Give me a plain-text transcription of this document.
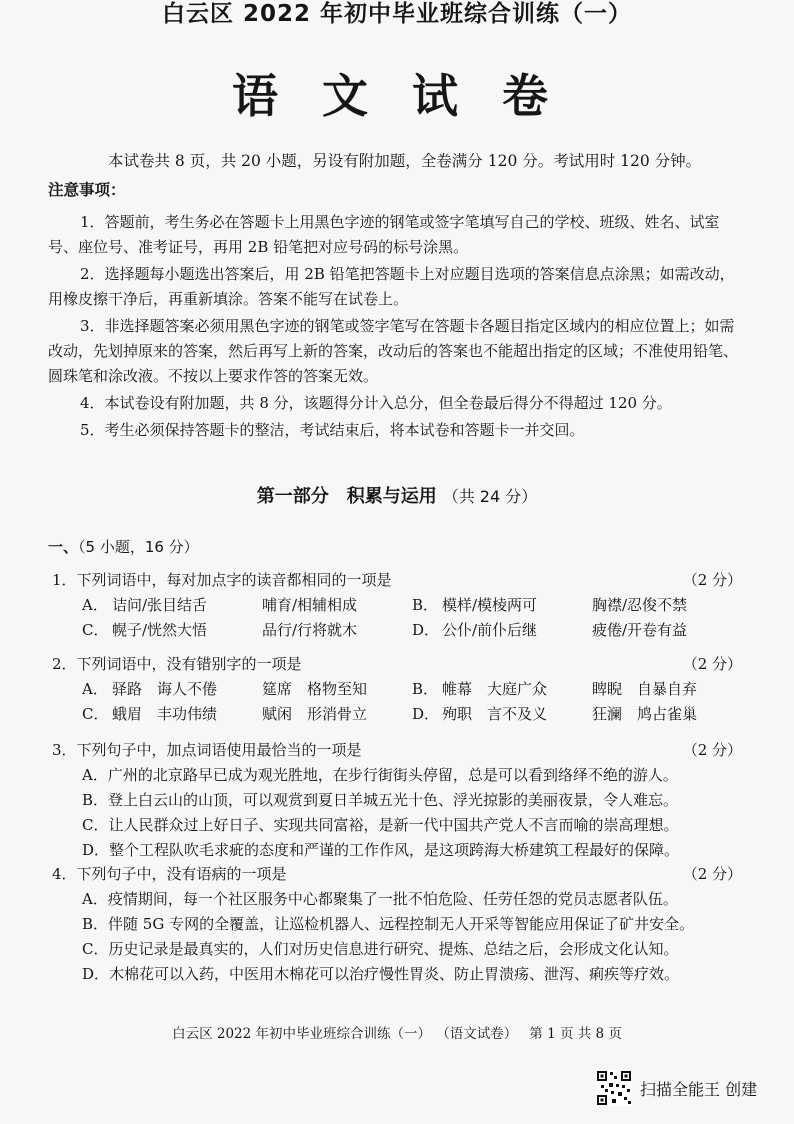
白云区 2022 年初中毕业班综合训练（一）
语 文 试 卷
本试卷共 8 页，共 20 小题，另设有附加题，全卷满分 120 分。考试用时 120 分钟。
注意事项：

1．答题前，考生务必在答题卡上用黑色字迹的钢笔或签字笔填写自己的学校、班级、姓名、试室号、座位号、准考证号，再用 2B 铅笔把对应号码的标号涂黑。

2．选择题每小题选出答案后，用 2B 铅笔把答题卡上对应题目选项的答案信息点涂黑；如需改动，用橡皮擦干净后，再重新填涂。答案不能写在试卷上。

3．非选择题答案必须用黑色字迹的钢笔或签字笔写在答题卡各题目指定区域内的相应位置上；如需改动，先划掉原来的答案，然后再写上新的答案，改动后的答案也不能超出指定的区域；不准使用铅笔、圆珠笔和涂改液。不按以上要求作答的答案无效。

4．本试卷设有附加题，共 8 分，该题得分计入总分，但全卷最后得分不得超过 120 分。

5．考生必须保持答题卡的整洁，考试结束后，将本试卷和答题卡一并交回。

第一部分　积累与运用 （共 24 分）
一、（5 小题，16 分）
1．下列词语中，每对加点字的读音都相同的一项是	（2 分）
A． 诘问/张目结舌	哺育/相辅相成	B． 模样/模棱两可	胸襟/忍俊不禁
C． 幌子/恍然大悟	品行/行将就木	D． 公仆/前仆后继	疲倦/开卷有益
2．下列词语中，没有错别字的一项是	（2 分）
A． 驿路　诲人不倦	筵席　格物至知	B． 帷幕　大庭广众	睥睨　自暴自弃
C． 蛾眉　丰功伟绩	赋闲　形消骨立	D． 殉职　言不及义	狂澜　鸠占雀巢
3．下列句子中，加点词语使用最恰当的一项是	（2 分）
A．广州的北京路早已成为观光胜地，在步行街街头停留，总是可以看到络绎不绝的游人。
B．登上白云山的山顶，可以观赏到夏日羊城五光十色、浮光掠影的美丽夜景，令人难忘。
C．让人民群众过上好日子、实现共同富裕，是新一代中国共产党人不言而喻的崇高理想。
D．整个工程队吹毛求疵的态度和严谨的工作作风，是这项跨海大桥建筑工程最好的保障。
4．下列句子中，没有语病的一项是	（2 分）
A．疫情期间，每一个社区服务中心都聚集了一批不怕危险、任劳任怨的党员志愿者队伍。
B．伴随 5G 专网的全覆盖，让巡检机器人、远程控制无人开采等智能应用保证了矿井安全。
C．历史记录是最真实的，人们对历史信息进行研究、提炼、总结之后，会形成文化认知。
D．木棉花可以入药，中医用木棉花可以治疗慢性胃炎、防止胃溃疡、泄泻、痢疾等疗效。
白云区 2022 年初中毕业班综合训练（一） （语文试卷） 第 1 页 共 8 页
扫描全能王 创建
